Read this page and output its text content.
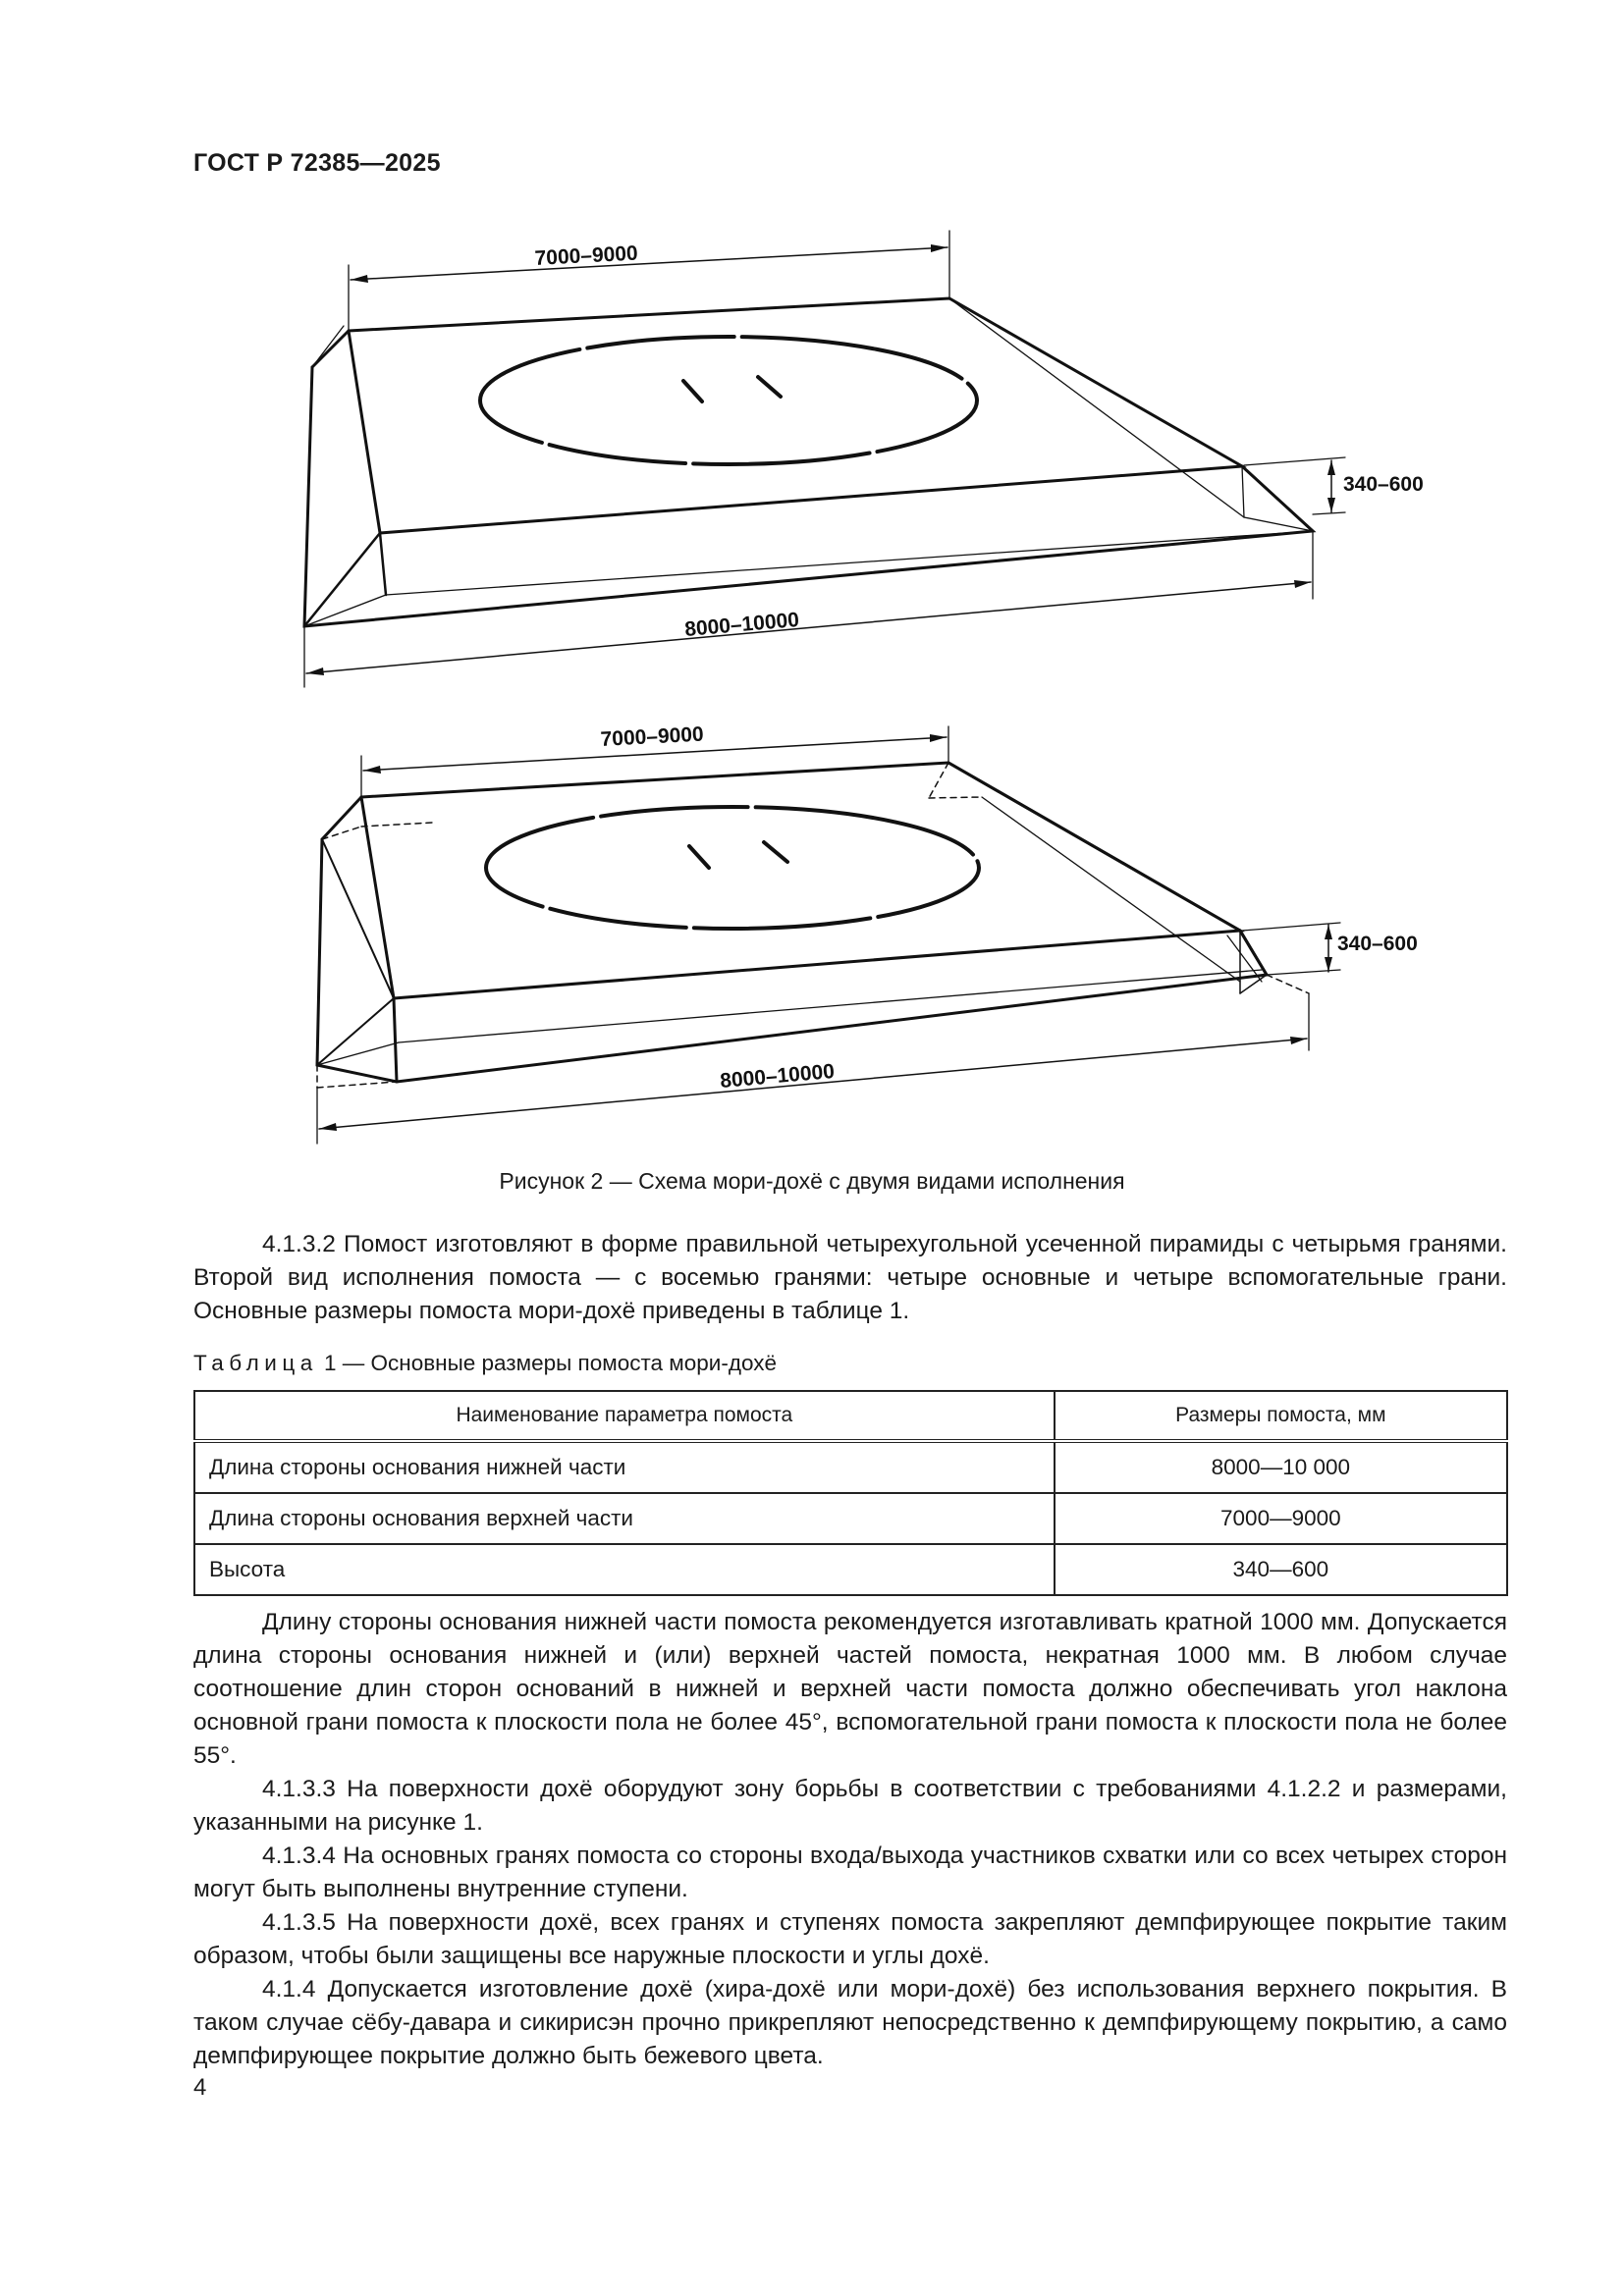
ГОСТ Р 72385—2025
7000–9000
340–600
8000–10000
7000–9000
340–600
8000–10000
Рисунок 2 — Схема мори-дохё с двумя видами исполнения
4.1.3.2 Помост изготовляют в форме правильной четырехугольной усеченной пирамиды с четырьмя гранями. Второй вид исполнения помоста — с восемью гранями: четыре основные и четыре вспомогательные грани. Основные размеры помоста мори-дохё приведены в таблице 1.
Таблица 1 — Основные размеры помоста мори-дохё
Наименование параметра помоста	Размеры помоста, мм
Длина стороны основания нижней части	8000—10 000
Длина стороны основания верхней части	7000—9000
Высота	340—600
Длину стороны основания нижней части помоста рекомендуется изготавливать кратной 1000 мм. Допускается длина стороны основания нижней и (или) верхней частей помоста, некратная 1000 мм. В любом случае соотношение длин сторон оснований в нижней и верхней части помоста должно обеспечивать угол наклона основной грани помоста к плоскости пола не более 45°, вспомогательной грани помоста к плоскости пола не более 55°.
4.1.3.3 На поверхности дохё оборудуют зону борьбы в соответствии с требованиями 4.1.2.2 и размерами, указанными на рисунке 1.
4.1.3.4 На основных гранях помоста со стороны входа/выхода участников схватки или со всех четырех сторон могут быть выполнены внутренние ступени.
4.1.3.5 На поверхности дохё, всех гранях и ступенях помоста закрепляют демпфирующее покрытие таким образом, чтобы были защищены все наружные плоскости и углы дохё.
4.1.4 Допускается изготовление дохё (хира-дохё или мори-дохё) без использования верхнего покрытия. В таком случае сёбу-давара и сикирисэн прочно прикрепляют непосредственно к демпфирующему покрытию, а само демпфирующее покрытие должно быть бежевого цвета.
4
